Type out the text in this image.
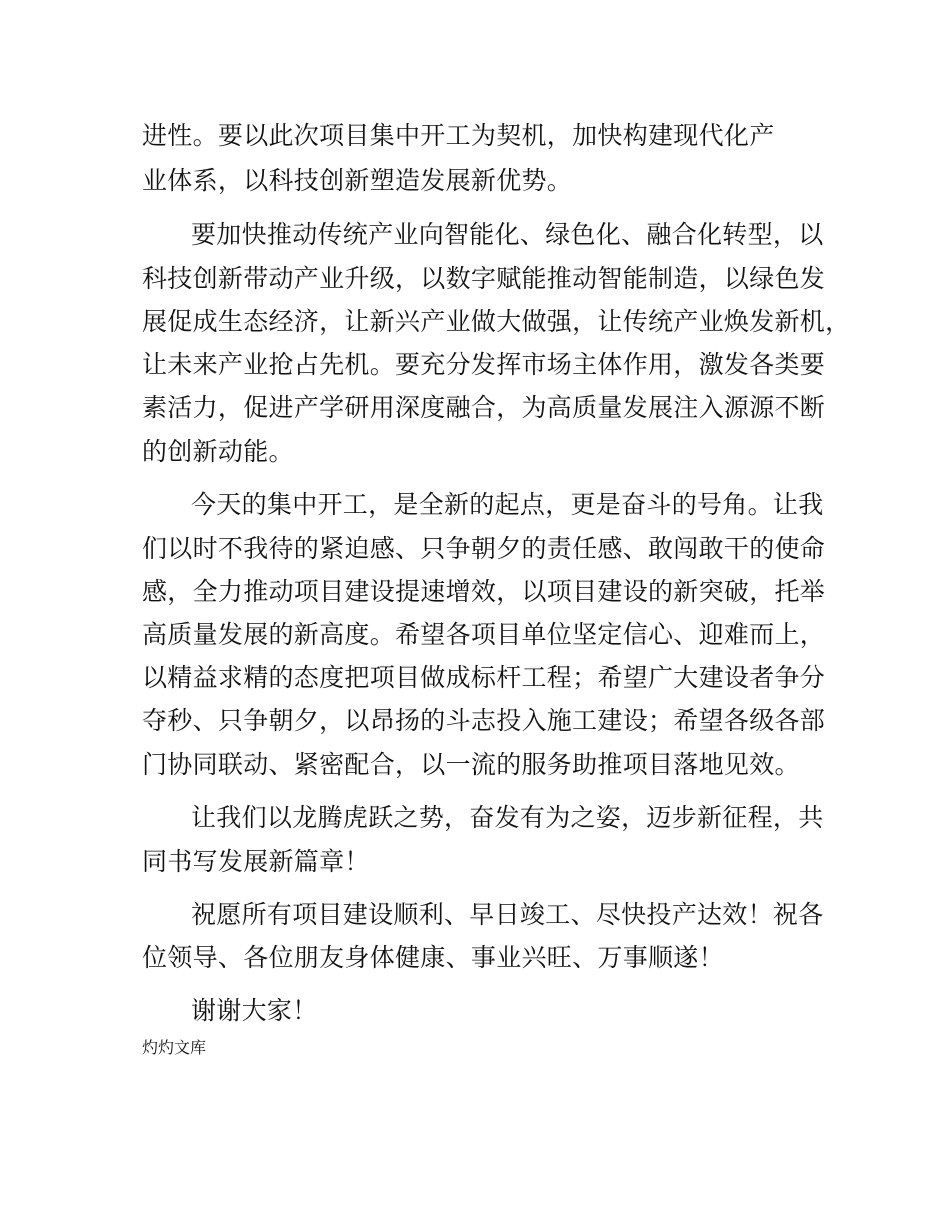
进性。要以此次项目集中开工为契机，加快构建现代化产
业体系，以科技创新塑造发展新优势。
要加快推动传统产业向智能化、绿色化、融合化转型，以
科技创新带动产业升级，以数字赋能推动智能制造，以绿色发
展促成生态经济，让新兴产业做大做强，让传统产业焕发新机，
让未来产业抢占先机。要充分发挥市场主体作用，激发各类要
素活力，促进产学研用深度融合，为高质量发展注入源源不断
的创新动能。
今天的集中开工，是全新的起点，更是奋斗的号角。让我
们以时不我待的紧迫感、只争朝夕的责任感、敢闯敢干的使命
感，全力推动项目建设提速增效，以项目建设的新突破，托举
高质量发展的新高度。希望各项目单位坚定信心、迎难而上，
以精益求精的态度把项目做成标杆工程；希望广大建设者争分
夺秒、只争朝夕，以昂扬的斗志投入施工建设；希望各级各部
门协同联动、紧密配合，以一流的服务助推项目落地见效。
让我们以龙腾虎跃之势，奋发有为之姿，迈步新征程，共
同书写发展新篇章！
祝愿所有项目建设顺利、早日竣工、尽快投产达效！祝各
位领导、各位朋友身体健康、事业兴旺、万事顺遂！
谢谢大家！
灼灼文库
